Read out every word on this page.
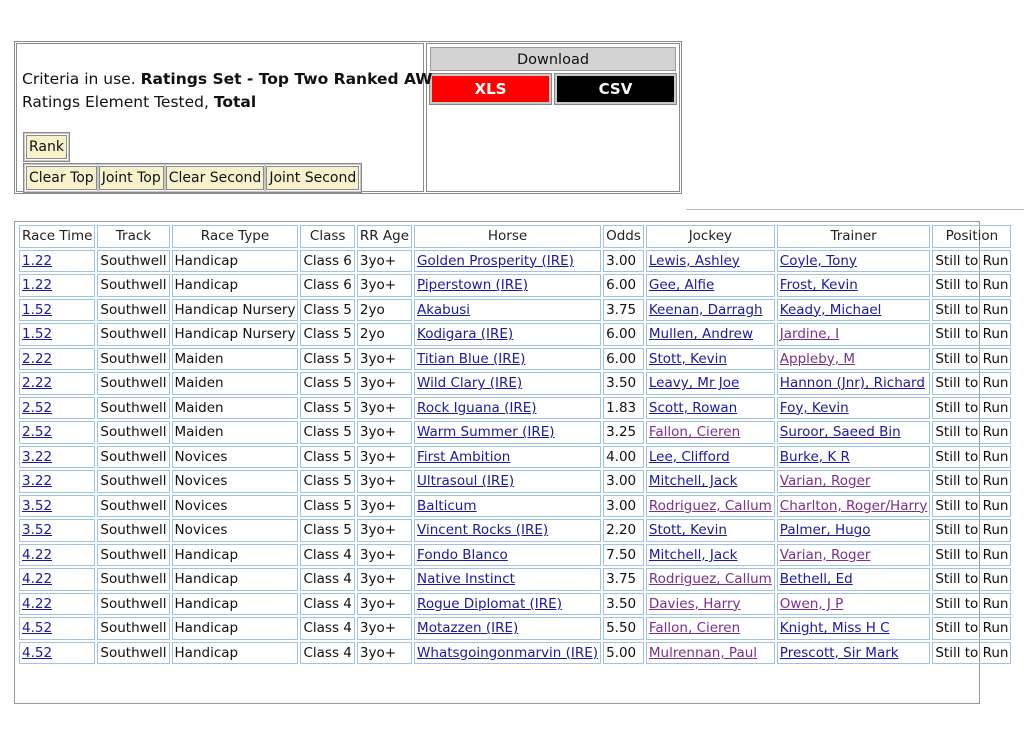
Criteria in use. Ratings Set - Top Two Ranked AW
Ratings Element Tested, Total
Rank
Clear Top Joint Top Clear Second Joint Second
Download
XLS	CSV
Race Time	Track	Race Type	Class	RR Age	Horse	Odds	Jockey	Trainer	Position
1.22	Southwell	Handicap	Class 6	3yo+	Golden Prosperity (IRE)	3.00	Lewis, Ashley	Coyle, Tony	Still to Run
1.22	Southwell	Handicap	Class 6	3yo+	Piperstown (IRE)	6.00	Gee, Alfie	Frost, Kevin	Still to Run
1.52	Southwell	Handicap Nursery	Class 5	2yo	Akabusi	3.75	Keenan, Darragh	Keady, Michael	Still to Run
1.52	Southwell	Handicap Nursery	Class 5	2yo	Kodigara (IRE)	6.00	Mullen, Andrew	Jardine, I	Still to Run
2.22	Southwell	Maiden	Class 5	3yo+	Titian Blue (IRE)	6.00	Stott, Kevin	Appleby, M	Still to Run
2.22	Southwell	Maiden	Class 5	3yo+	Wild Clary (IRE)	3.50	Leavy, Mr Joe	Hannon (Jnr), Richard	Still to Run
2.52	Southwell	Maiden	Class 5	3yo+	Rock Iguana (IRE)	1.83	Scott, Rowan	Foy, Kevin	Still to Run
2.52	Southwell	Maiden	Class 5	3yo+	Warm Summer (IRE)	3.25	Fallon, Cieren	Suroor, Saeed Bin	Still to Run
3.22	Southwell	Novices	Class 5	3yo+	First Ambition	4.00	Lee, Clifford	Burke, K R	Still to Run
3.22	Southwell	Novices	Class 5	3yo+	Ultrasoul (IRE)	3.00	Mitchell, Jack	Varian, Roger	Still to Run
3.52	Southwell	Novices	Class 5	3yo+	Balticum	3.00	Rodriguez, Callum	Charlton, Roger/Harry	Still to Run
3.52	Southwell	Novices	Class 5	3yo+	Vincent Rocks (IRE)	2.20	Stott, Kevin	Palmer, Hugo	Still to Run
4.22	Southwell	Handicap	Class 4	3yo+	Fondo Blanco	7.50	Mitchell, Jack	Varian, Roger	Still to Run
4.22	Southwell	Handicap	Class 4	3yo+	Native Instinct	3.75	Rodriguez, Callum	Bethell, Ed	Still to Run
4.22	Southwell	Handicap	Class 4	3yo+	Rogue Diplomat (IRE)	3.50	Davies, Harry	Owen, J P	Still to Run
4.52	Southwell	Handicap	Class 4	3yo+	Motazzen (IRE)	5.50	Fallon, Cieren	Knight, Miss H C	Still to Run
4.52	Southwell	Handicap	Class 4	3yo+	Whatsgoingonmarvin (IRE)	5.00	Mulrennan, Paul	Prescott, Sir Mark	Still to Run
